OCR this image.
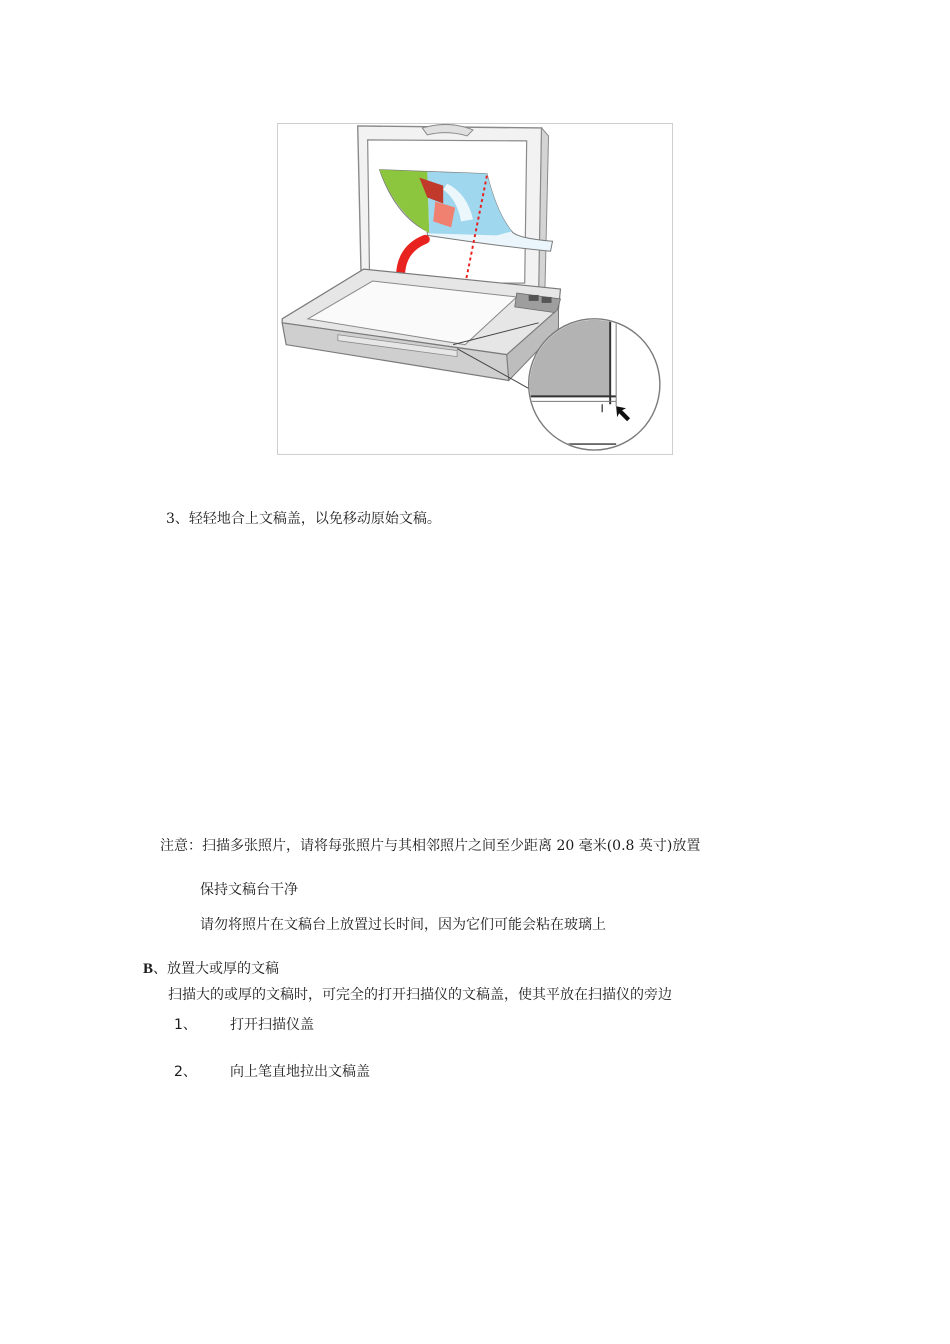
3、轻轻地合上文稿盖，以免移动原始文稿。
注意：扫描多张照片，请将每张照片与其相邻照片之间至少距离 20 毫米(0.8 英寸)放置
保持文稿台干净
请勿将照片在文稿台上放置过长时间，因为它们可能会粘在玻璃上
B、放置大或厚的文稿
扫描大的或厚的文稿时，可完全的打开扫描仪的文稿盖，使其平放在扫描仪的旁边
1、 打开扫描仪盖
2、 向上笔直地拉出文稿盖
